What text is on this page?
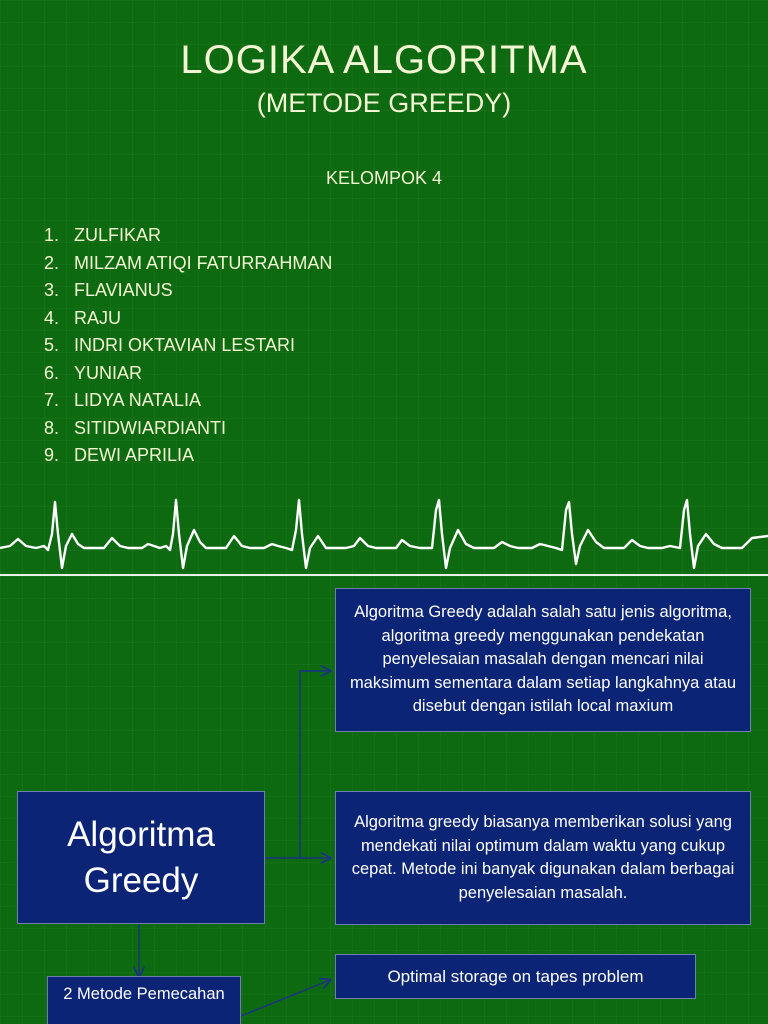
LOGIKA ALGORITMA
(METODE GREEDY)
KELOMPOK 4
1. ZULFIKAR
2. MILZAM ATIQI FATURRAHMAN
3. FLAVIANUS
4. RAJU
5. INDRI OKTAVIAN LESTARI
6. YUNIAR
7. LIDYA NATALIA
8. SITIDWIARDIANTI
9. DEWI APRILIA
Algoritma Greedy adalah salah satu jenis algoritma, algoritma greedy menggunakan pendekatan penyelesaian masalah dengan mencari nilai maksimum sementara dalam setiap langkahnya atau disebut dengan istilah local maxium
Algoritma Greedy
Algoritma greedy biasanya memberikan solusi yang mendekati nilai optimum dalam waktu yang cukup cepat. Metode ini banyak digunakan dalam berbagai penyelesaian masalah.
Optimal storage on tapes problem
2 Metode Pemecahan
